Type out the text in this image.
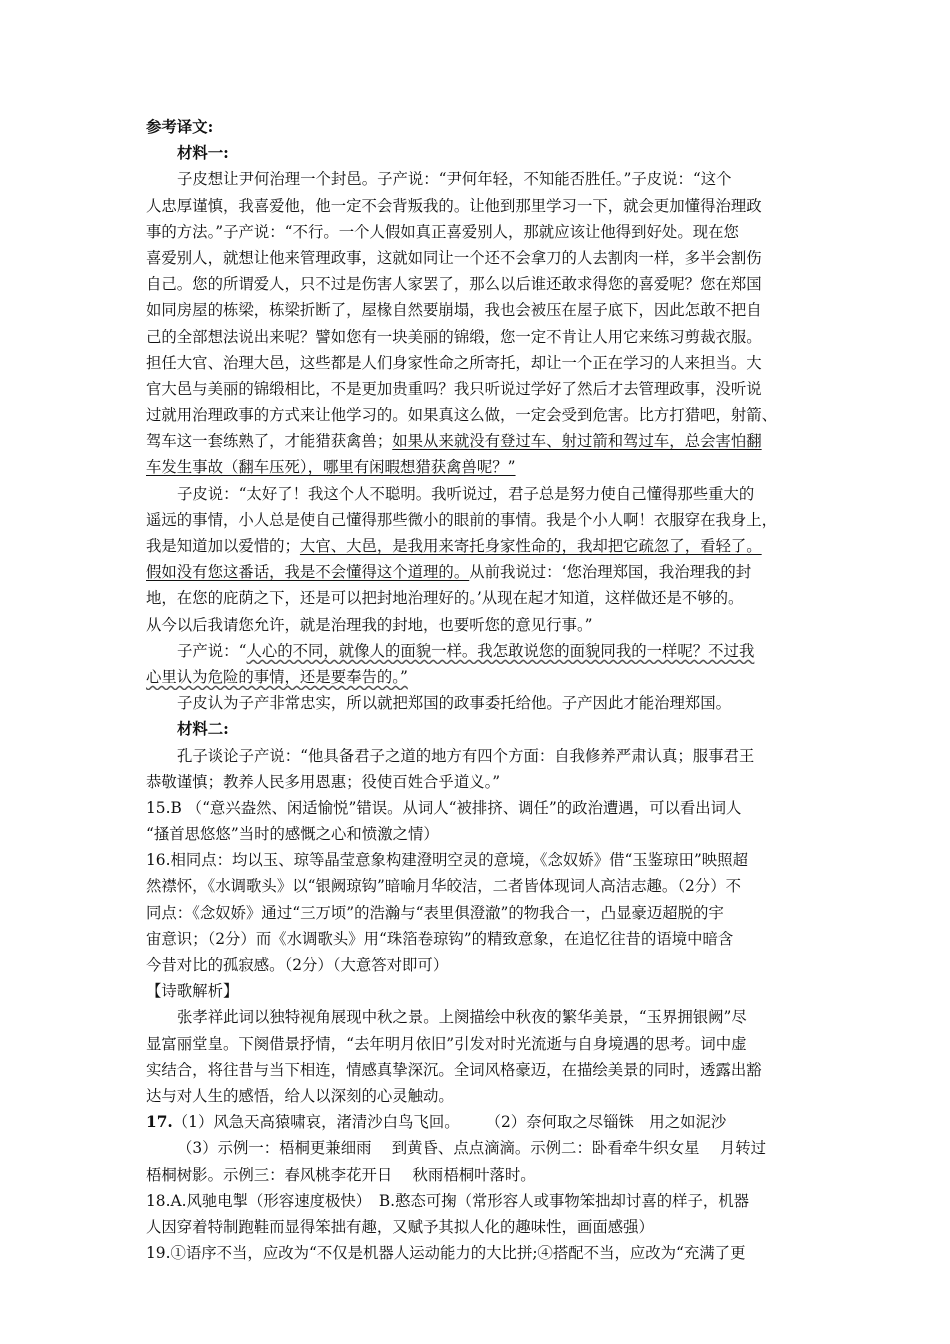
参考译文:
材料一:
子皮想让尹何治理一个封邑。子产说：“尹何年轻，不知能否胜任。”子皮说：“这个
人忠厚谨慎，我喜爱他，他一定不会背叛我的。让他到那里学习一下，就会更加懂得治理政
事的方法。”子产说：“不行。一个人假如真正喜爱别人，那就应该让他得到好处。现在您
喜爱别人，就想让他来管理政事，这就如同让一个还不会拿刀的人去割肉一样，多半会割伤
自己。您的所谓爱人，只不过是伤害人家罢了，那么以后谁还敢求得您的喜爱呢？您在郑国
如同房屋的栋梁，栋梁折断了，屋椽自然要崩塌，我也会被压在屋子底下，因此怎敢不把自
己的全部想法说出来呢？譬如您有一块美丽的锦缎，您一定不肯让人用它来练习剪裁衣服。
担任大官、治理大邑，这些都是人们身家性命之所寄托，却让一个正在学习的人来担当。大
官大邑与美丽的锦缎相比，不是更加贵重吗？我只听说过学好了然后才去管理政事，没听说
过就用治理政事的方式来让他学习的。如果真这么做，一定会受到危害。比方打猎吧，射箭、
驾车这一套练熟了，才能猎获禽兽；如果从来就没有登过车、射过箭和驾过车，总会害怕翻
车发生事故（翻车压死），哪里有闲暇想猎获禽兽呢？”
子皮说：“太好了！我这个人不聪明。我听说过，君子总是努力使自己懂得那些重大的
遥远的事情，小人总是使自己懂得那些微小的眼前的事情。我是个小人啊！衣服穿在我身上，
我是知道加以爱惜的；大官、大邑，是我用来寄托身家性命的，我却把它疏忽了，看轻了。
假如没有您这番话，我是不会懂得这个道理的。从前我说过：‘您治理郑国，我治理我的封
地，在您的庇荫之下，还是可以把封地治理好的。’从现在起才知道，这样做还是不够的。
从今以后我请您允许，就是治理我的封地，也要听您的意见行事。”
子产说：“人心的不同，就像人的面貌一样。我怎敢说您的面貌同我的一样呢？不过我
心里认为危险的事情，还是要奉告的。”
子皮认为子产非常忠实，所以就把郑国的政事委托给他。子产因此才能治理郑国。
材料二:
孔子谈论子产说：“他具备君子之道的地方有四个方面：自我修养严肃认真；服事君王
恭敬谨慎；教养人民多用恩惠；役使百姓合乎道义。”
15.B （“意兴盎然、闲适愉悦”错误。从词人“被排挤、调任”的政治遭遇，可以看出词人
“搔首思悠悠”当时的感慨之心和愤激之情）
16.相同点：均以玉、琼等晶莹意象构建澄明空灵的意境，《念奴娇》借“玉鉴琼田”映照超
然襟怀，《水调歌头》以“银阙琼钩”暗喻月华皎洁，二者皆体现词人高洁志趣。（2分）不
同点：《念奴娇》通过“三万顷”的浩瀚与“表里俱澄澈”的物我合一，凸显豪迈超脱的宇
宙意识；（2分）而《水调歌头》用“珠箔卷琼钩”的精致意象，在追忆往昔的语境中暗含
今昔对比的孤寂感。（2分）（大意答对即可）
【诗歌解析】
张孝祥此词以独特视角展现中秋之景。上阕描绘中秋夜的繁华美景，“玉界拥银阙”尽
显富丽堂皇。下阕借景抒情，“去年明月依旧”引发对时光流逝与自身境遇的思考。词中虚
实结合，将往昔与当下相连，情感真挚深沉。全词风格豪迈，在描绘美景的同时，透露出豁
达与对人生的感悟，给人以深刻的心灵触动。
17.（1）风急天高猿啸哀，渚清沙白鸟飞回。 （2）奈何取之尽锱铢　用之如泥沙
（3）示例一：梧桐更兼细雨　 到黄昏、点点滴滴。示例二：卧看牵牛织女星　 月转过
梧桐树影。示例三：春风桃李花开日　 秋雨梧桐叶落时。
18.A.风驰电掣（形容速度极快）　B.憨态可掬（常形容人或事物笨拙却讨喜的样子，机器
人因穿着特制跑鞋而显得笨拙有趣，又赋予其拟人化的趣味性，画面感强）
19.①语序不当，应改为“不仅是机器人运动能力的大比拼;④搭配不当，应改为“充满了更
